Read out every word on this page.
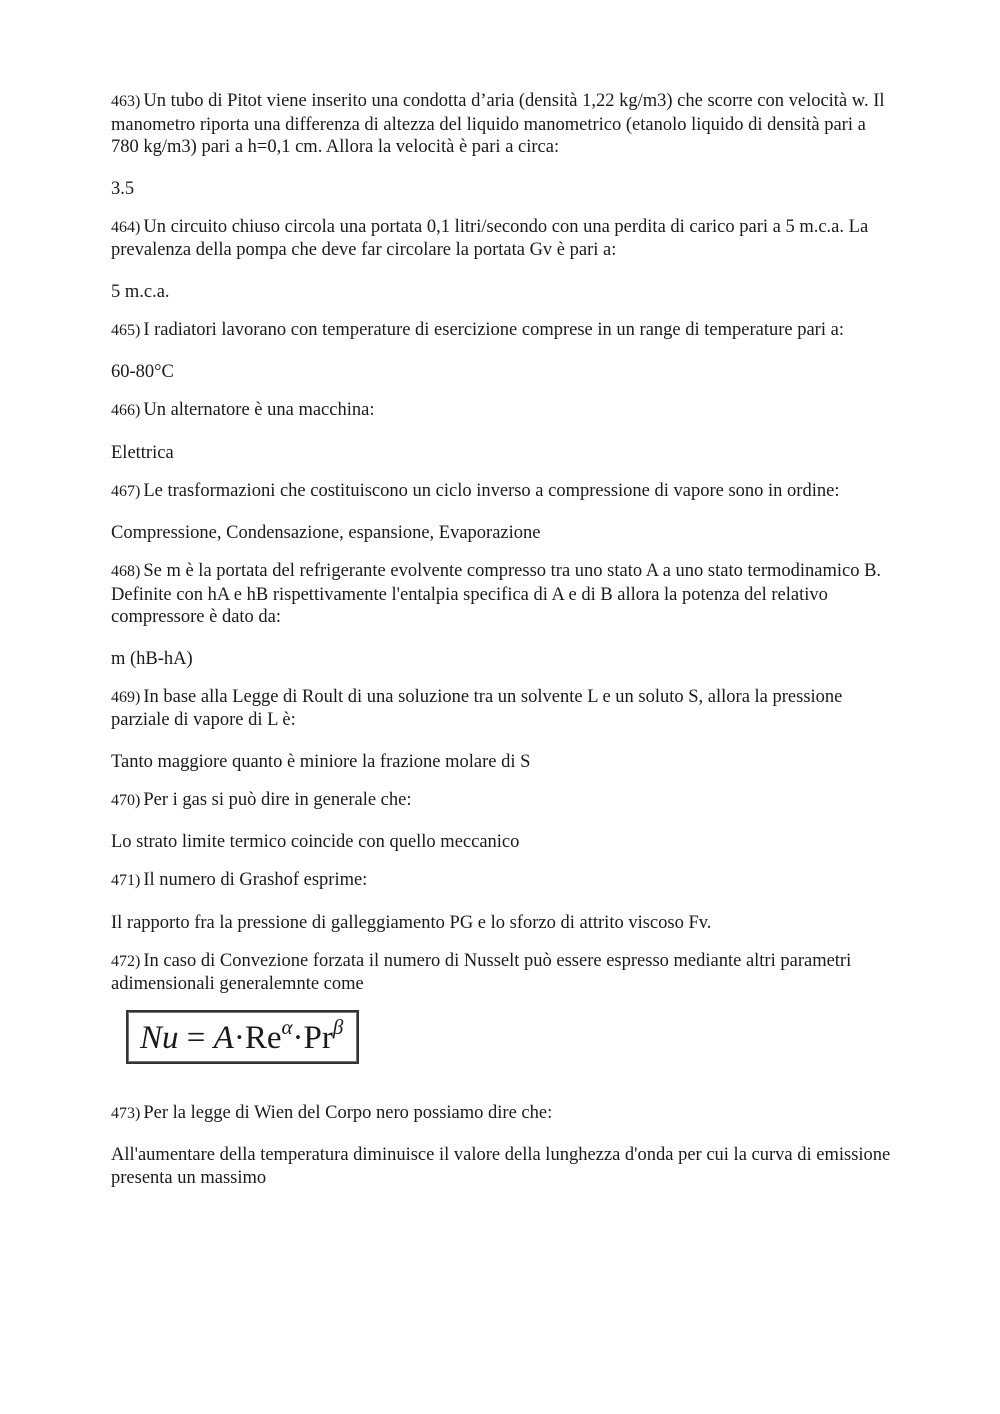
463) Un tubo di Pitot viene inserito una condotta d’aria (densità 1,22 kg/m3) che scorre con velocità w. Il manometro riporta una differenza di altezza del liquido manometrico (etanolo liquido di densità pari a 780 kg/m3) pari a h=0,1 cm. Allora la velocità è pari a circa:

3.5

464) Un circuito chiuso circola una portata 0,1 litri/secondo con una perdita di carico pari a 5 m.c.a. La prevalenza della pompa che deve far circolare la portata Gv è pari a:

5 m.c.a.

465) I radiatori lavorano con temperature di esercizione comprese in un range di temperature pari a:

60-80°C

466) Un alternatore è una macchina:

Elettrica

467) Le trasformazioni che costituiscono un ciclo inverso a compressione di vapore sono in ordine:

Compressione, Condensazione, espansione, Evaporazione

468) Se m è la portata del refrigerante evolvente compresso tra uno stato A a uno stato termodinamico B. Definite con hA e hB rispettivamente l'entalpia specifica di A e di B allora la potenza del relativo compressore è dato da:

m (hB-hA)

469) In base alla Legge di Roult di una soluzione tra un solvente L e un soluto S, allora la pressione parziale di vapore di L è:

Tanto maggiore quanto è miniore la frazione molare di S

470) Per i gas si può dire in generale che:

Lo strato limite termico coincide con quello meccanico

471) Il numero di Grashof esprime:

Il rapporto fra la pressione di galleggiamento PG e lo sforzo di attrito viscoso Fv.

472) In caso di Convezione forzata il numero di Nusselt può essere espresso mediante altri parametri adimensionali generalemnte come

$Nu = A\cdot Re^\alpha\cdot Pr^\beta$

473) Per la legge di Wien del Corpo nero possiamo dire che:

All'aumentare della temperatura diminuisce il valore della lunghezza d'onda per cui la curva di emissione presenta un massimo
